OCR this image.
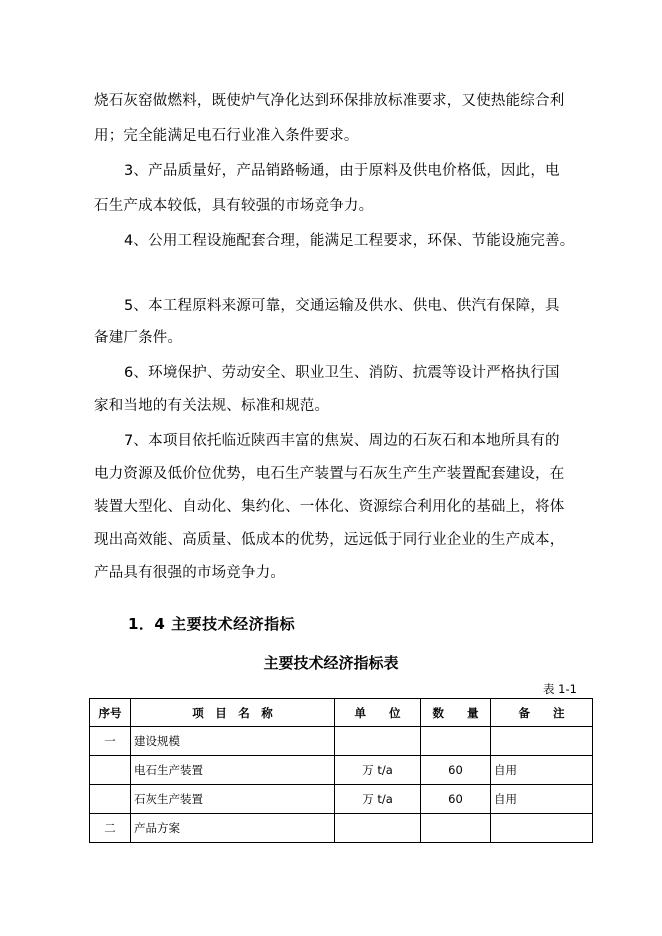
烧石灰窑做燃料，既使炉气净化达到环保排放标准要求，又使热能综合利
用；完全能满足电石行业准入条件要求。
3、产品质量好，产品销路畅通，由于原料及供电价格低，因此，电
石生产成本较低，具有较强的市场竞争力。
4、公用工程设施配套合理，能满足工程要求，环保、节能设施完善。
5、本工程原料来源可靠，交通运输及供水、供电、供汽有保障，具
备建厂条件。
6、环境保护、劳动安全、职业卫生、消防、抗震等设计严格执行国
家和当地的有关法规、标准和规范。
7、本项目依托临近陕西丰富的焦炭、周边的石灰石和本地所具有的
电力资源及低价位优势，电石生产装置与石灰生产生产装置配套建设，在
装置大型化、自动化、集约化、一体化、资源综合利用化的基础上，将体
现出高效能、高质量、低成本的优势，远远低于同行业企业的生产成本，
产品具有很强的市场竞争力。
1．4 主要技术经济指标
主要技术经济指标表
表 1-1
序号	项　目　名　称	单　　位	数　　量	备　　注
一	建设规模			
	电石生产装置	万 t/a	60	自用
	石灰生产装置	万 t/a	60	自用
二	产品方案			
